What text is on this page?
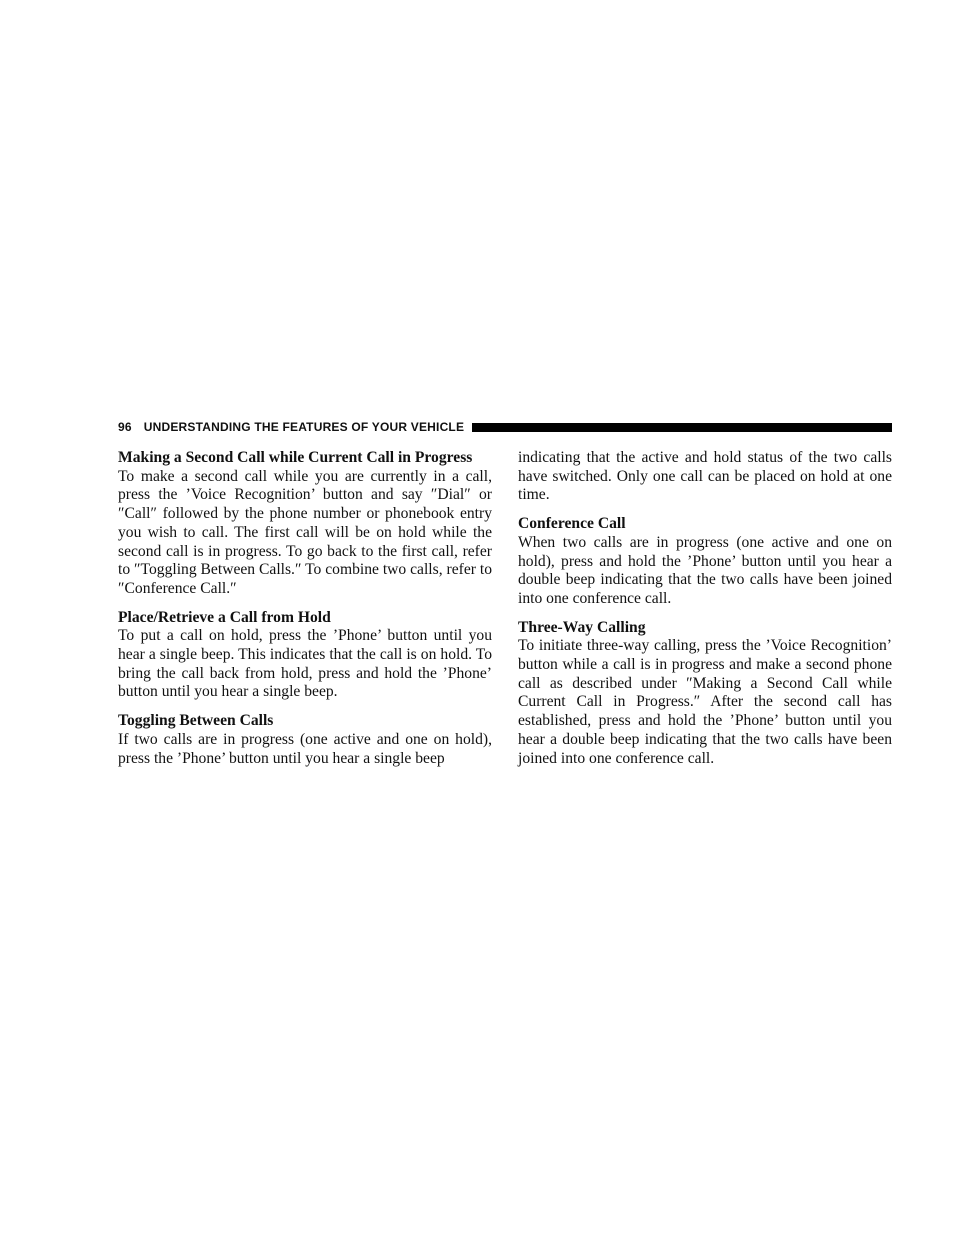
96 UNDERSTANDING THE FEATURES OF YOUR VEHICLE

Making a Second Call while Current Call in Progress

To make a second call while you are currently in a call, press the ’Voice Recognition’ button and say ″Dial″ or ″Call″ followed by the phone number or phonebook entry you wish to call. The first call will be on hold while the second call is in progress. To go back to the first call, refer to ″Toggling Between Calls.″ To combine two calls, refer to ″Conference Call.″

Place/Retrieve a Call from Hold

To put a call on hold, press the ’Phone’ button until you hear a single beep. This indicates that the call is on hold. To bring the call back from hold, press and hold the ’Phone’ button until you hear a single beep.

Toggling Between Calls

If two calls are in progress (one active and one on hold), press the ’Phone’ button until you hear a single beep

indicating that the active and hold status of the two calls have switched. Only one call can be placed on hold at one time.

Conference Call

When two calls are in progress (one active and one on hold), press and hold the ’Phone’ button until you hear a double beep indicating that the two calls have been joined into one conference call.

Three-Way Calling

To initiate three-way calling, press the ’Voice Recognition’ button while a call is in progress and make a second phone call as described under ″Making a Second Call while Current Call in Progress.″ After the second call has established, press and hold the ’Phone’ button until you hear a double beep indicating that the two calls have been joined into one conference call.
